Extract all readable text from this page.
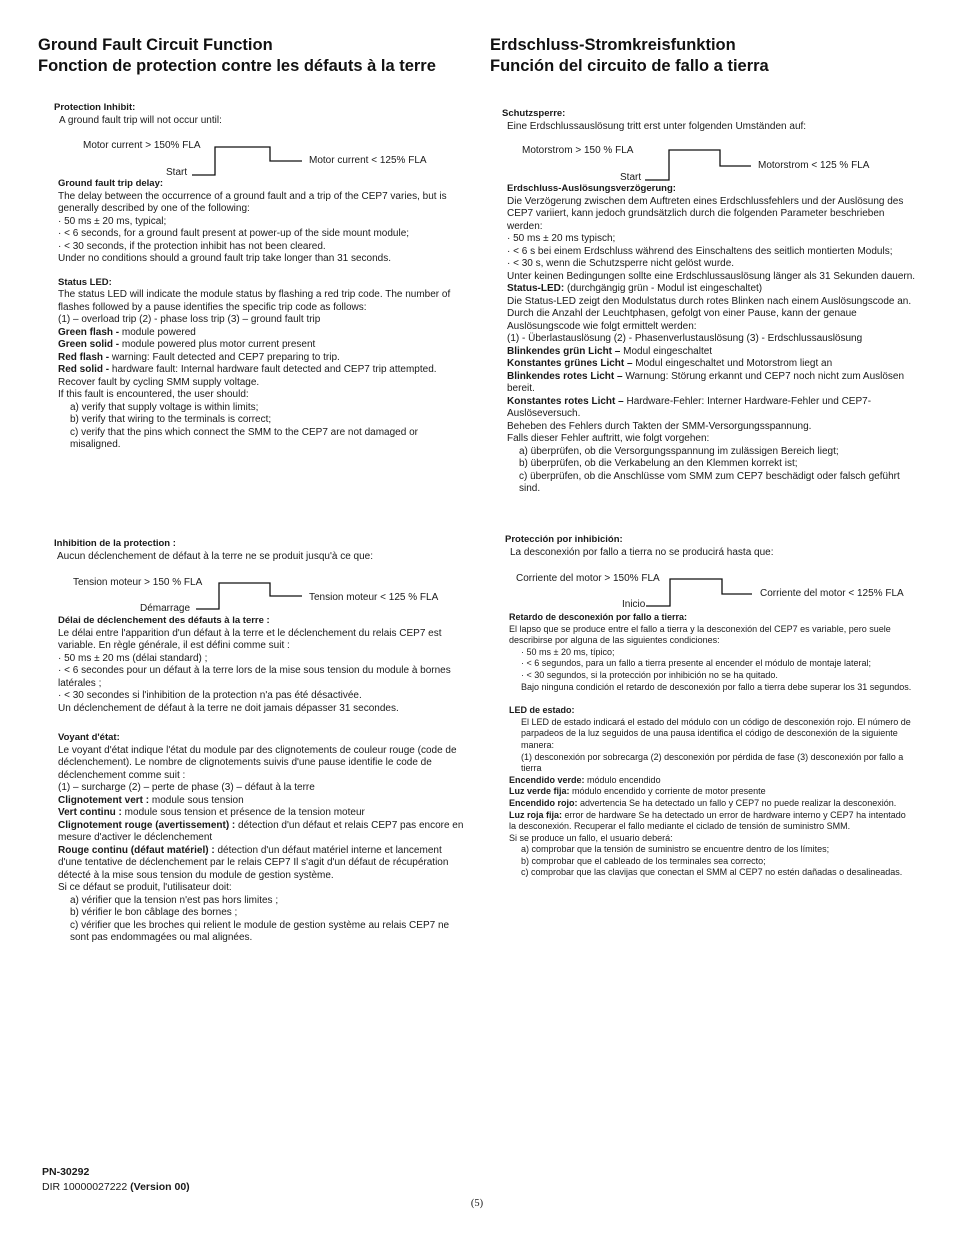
Ground Fault Circuit Function
Fonction de protection contre les défauts à la terre
Erdschluss-Stromkreisfunktion
Función del circuito de fallo a tierra

Protection Inhibit:

A ground fault trip will not occur until:

Motor current > 150% FLA
Motor current < 125% FLA
Start

Ground fault trip delay:

The delay between the occurrence of a ground fault and a trip of the CEP7 varies, but is generally described by one of the following:

· 50 ms ± 20 ms, typical;

· < 6 seconds, for a ground fault present at power-up of the side mount module;

· < 30 seconds, if the protection inhibit has not been cleared.

Under no conditions should a ground fault trip take longer than 31 seconds.

Status LED:

The status LED will indicate the module status by flashing a red trip code. The number of flashes followed by a pause identifies the specific trip code as follows:

(1) – overload trip (2) - phase loss trip (3) – ground fault trip

Green flash - module powered

Green solid - module powered plus motor current present

Red flash - warning: Fault detected and CEP7 preparing to trip.

Red solid - hardware fault: Internal hardware fault detected and CEP7 trip attempted.

Recover fault by cycling SMM supply voltage.

If this fault is encountered, the user should:

a) verify that supply voltage is within limits;

b) verify that wiring to the terminals is correct;

c) verify that the pins which connect the SMM to the CEP7 are not damaged or misaligned.

Schutzsperre:

Eine Erdschlussauslösung tritt erst unter folgenden Umständen auf:

Motorstrom > 150 % FLA
Motorstrom < 125 % FLA
Start

Erdschluss-Auslösungsverzögerung:

Die Verzögerung zwischen dem Auftreten eines Erdschlussfehlers und der Auslösung des CEP7 variiert, kann jedoch grundsätzlich durch die folgenden Parameter beschrieben werden:

· 50 ms ± 20 ms typisch;

· < 6 s bei einem Erdschluss während des Einschaltens des seitlich montierten Moduls;

· < 30 s, wenn die Schutzsperre nicht gelöst wurde.

Unter keinen Bedingungen sollte eine Erdschlussauslösung länger als 31 Sekunden dauern.

Status-LED: (durchgängig grün - Modul ist eingeschaltet)

Die Status-LED zeigt den Modulstatus durch rotes Blinken nach einem Auslösungscode an. Durch die Anzahl der Leuchtphasen, gefolgt von einer Pause, kann der genaue Auslösungscode wie folgt ermittelt werden:

(1) - Überlastauslösung (2) - Phasenverlustauslösung (3) - Erdschlussauslösung

Blinkendes grün Licht – Modul eingeschaltet

Konstantes grünes Licht – Modul eingeschaltet und Motorstrom liegt an

Blinkendes rotes Licht – Warnung: Störung erkannt und CEP7 noch nicht zum Auslösen bereit.

Konstantes rotes Licht – Hardware-Fehler: Interner Hardware-Fehler und CEP7-Auslöseversuch.

Beheben des Fehlers durch Takten der SMM-Versorgungsspannung.

Falls dieser Fehler auftritt, wie folgt vorgehen:

a) überprüfen, ob die Versorgungsspannung im zulässigen Bereich liegt;

b) überprüfen, ob die Verkabelung an den Klemmen korrekt ist;

c) überprüfen, ob die Anschlüsse vom SMM zum CEP7 beschädigt oder falsch geführt sind.

Inhibition de la protection :

Aucun déclenchement de défaut à la terre ne se produit jusqu'à ce que:

Tension moteur > 150 % FLA
Tension moteur < 125 % FLA
Démarrage

Délai de déclenchement des défauts à la terre :

Le délai entre l'apparition d'un défaut à la terre et le déclenchement du relais CEP7 est variable. En règle générale, il est défini comme suit :

· 50 ms ± 20 ms (délai standard) ;

· < 6 secondes pour un défaut à la terre lors de la mise sous tension du module à bornes latérales ;

· < 30 secondes si l'inhibition de la protection n'a pas été désactivée.

Un déclenchement de défaut à la terre ne doit jamais dépasser 31 secondes.

Voyant d'état:

Le voyant d'état indique l'état du module par des clignotements de couleur rouge (code de déclenchement). Le nombre de clignotements suivis d'une pause identifie le code de déclenchement comme suit :

(1) – surcharge (2) – perte de phase (3) – défaut à la terre

Clignotement vert : module sous tension

Vert continu : module sous tension et présence de la tension moteur

Clignotement rouge (avertissement) : détection d'un défaut et relais CEP7 pas encore en mesure d'activer le déclenchement

Rouge continu (défaut matériel) : détection d'un défaut matériel interne et lancement d'une tentative de déclenchement par le relais CEP7 Il s'agit d'un défaut de récupération détecté à la mise sous tension du module de gestion système.

Si ce défaut se produit, l'utilisateur doit:

a) vérifier que la tension n'est pas hors limites ;

b) vérifier le bon câblage des bornes ;

c) vérifier que les broches qui relient le module de gestion système au relais CEP7 ne sont pas endommagées ou mal alignées.

Protección por inhibición:

La desconexión por fallo a tierra no se producirá hasta que:

Corriente del motor > 150% FLA
Corriente del motor < 125% FLA
Inicio

Retardo de desconexión por fallo a tierra:

El lapso que se produce entre el fallo a tierra y la desconexión del CEP7 es variable, pero suele describirse por alguna de las siguientes condiciones:

· 50 ms ± 20 ms, típico;

· < 6 segundos, para un fallo a tierra presente al encender el módulo de montaje lateral;

· < 30 segundos, si la protección por inhibición no se ha quitado.

Bajo ninguna condición el retardo de desconexión por fallo a tierra debe superar los 31 segundos.

LED de estado:

El LED de estado indicará el estado del módulo con un código de desconexión rojo. El número de parpadeos de la luz seguidos de una pausa identifica el código de desconexión de la siguiente manera:

(1) desconexión por sobrecarga (2) desconexión por pérdida de fase (3) desconexión por fallo a tierra

Encendido verde: módulo encendido

Luz verde fija: módulo encendido y corriente de motor presente

Encendido rojo: advertencia Se ha detectado un fallo y CEP7 no puede realizar la desconexión.

Luz roja fija: error de hardware Se ha detectado un error de hardware interno y CEP7 ha intentado la desconexión. Recuperar el fallo mediante el ciclado de tensión de suministro SMM.

Si se produce un fallo, el usuario deberá:

a) comprobar que la tensión de suministro se encuentre dentro de los límites;

b) comprobar que el cableado de los terminales sea correcto;

c) comprobar que las clavijas que conectan el SMM al CEP7 no estén dañadas o desalineadas.

PN-30292
DIR 10000027222 (Version 00)
(5)
